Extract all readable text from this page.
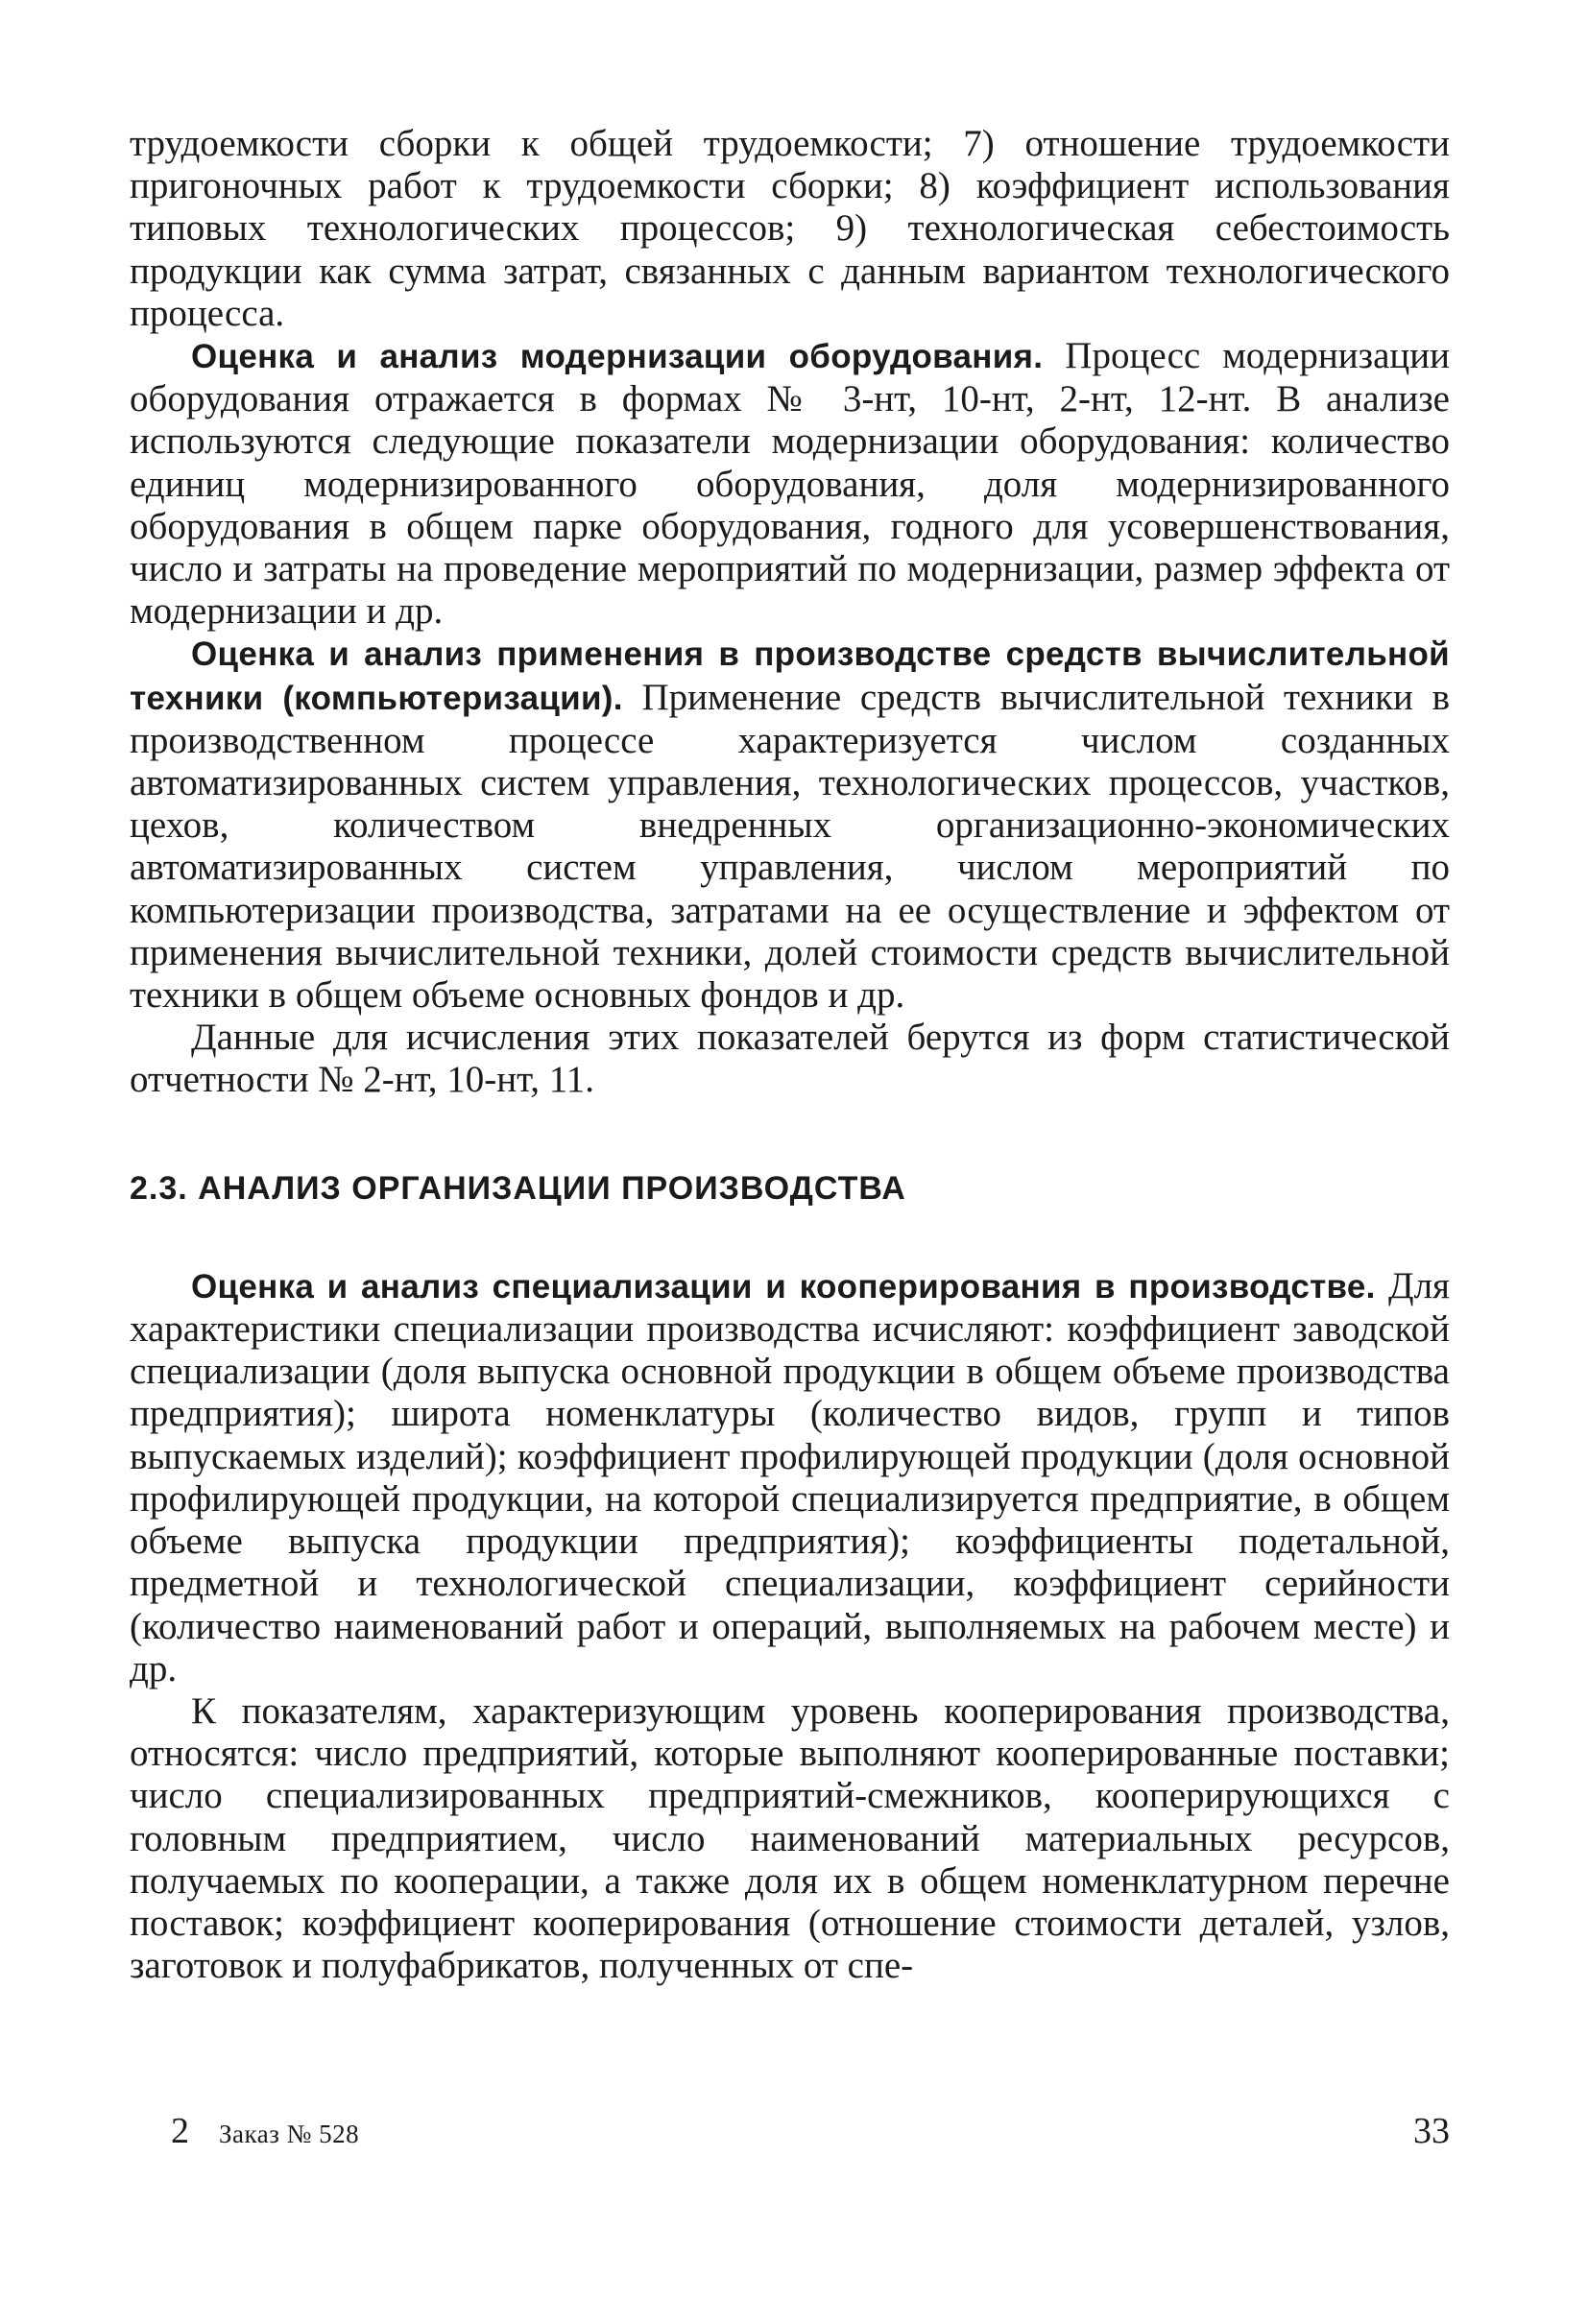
трудоемкости сборки к общей трудоемкости; 7) отношение трудоемкости пригоночных работ к трудоемкости сборки; 8) коэффициент использования типовых технологических процессов; 9) технологическая себестоимость продукции как сумма затрат, связанных с данным вариантом технологического процесса.

Оценка и анализ модернизации оборудования. Процесс модернизации оборудования отражается в формах № 3-нт, 10-нт, 2-нт, 12-нт. В анализе используются следующие показатели модернизации оборудования: количество единиц модернизированного оборудования, доля модернизированного оборудования в общем парке оборудования, годного для усовершенствования, число и затраты на проведение мероприятий по модернизации, размер эффекта от модернизации и др.

Оценка и анализ применения в производстве средств вычислительной техники (компьютеризации). Применение средств вычислительной техники в производственном процессе характеризуется числом созданных автоматизированных систем управления, технологических процессов, участков, цехов, количеством внедренных организационно-экономических автоматизированных систем управления, числом мероприятий по компьютеризации производства, затратами на ее осуществление и эффектом от применения вычислительной техники, долей стоимости средств вычислительной техники в общем объеме основных фондов и др.

Данные для исчисления этих показателей берутся из форм статистической отчетности № 2-нт, 10-нт, 11.

2.3. АНАЛИЗ ОРГАНИЗАЦИИ ПРОИЗВОДСТВА

Оценка и анализ специализации и кооперирования в производстве. Для характеристики специализации производства исчисляют: коэффициент заводской специализации (доля выпуска основной продукции в общем объеме производства предприятия); широта номенклатуры (количество видов, групп и типов выпускаемых изделий); коэффициент профилирующей продукции (доля основной профилирующей продукции, на которой специализируется предприятие, в общем объеме выпуска продукции предприятия); коэффициенты подетальной, предметной и технологической специализации, коэффициент серийности (количество наименований работ и операций, выполняемых на рабочем месте) и др.

К показателям, характеризующим уровень кооперирования производства, относятся: число предприятий, которые выполняют кооперированные поставки; число специализированных предприятий-смежников, кооперирующихся с головным предприятием, число наименований материальных ресурсов, получаемых по кооперации, а также доля их в общем номенклатурном перечне поставок; коэффициент кооперирования (отношение стоимости деталей, узлов, заготовок и полуфабрикатов, полученных от спе-

2 Заказ № 528	33
